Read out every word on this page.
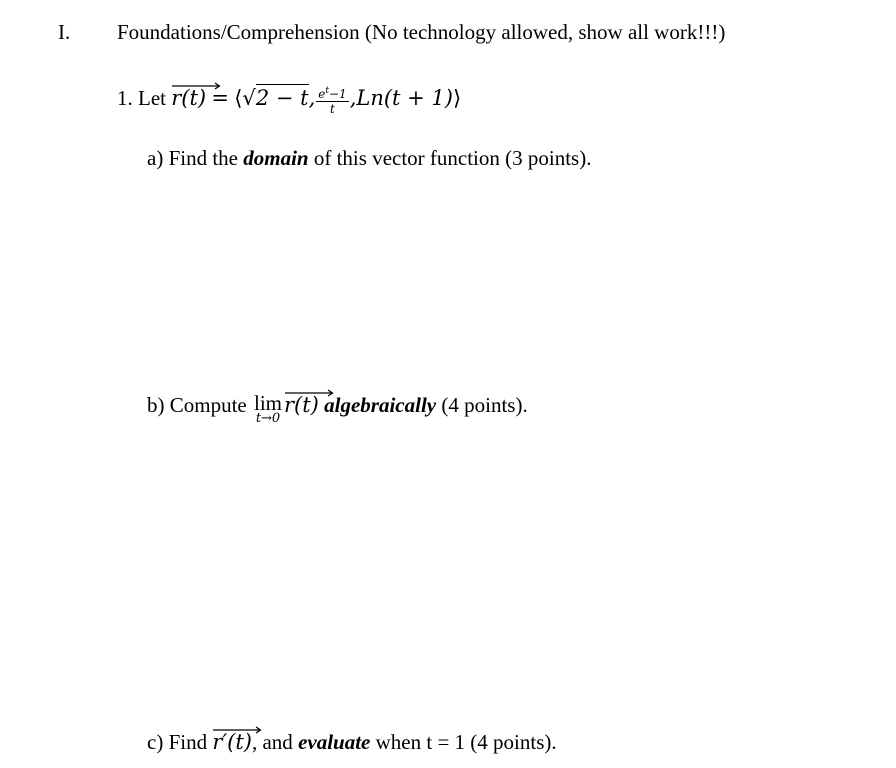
I. Foundations/Comprehension (No technology allowed, show all work!!!)
1. Let r(t) = ⟨√2 − t, $\frac{e^t-1}{t} ,Ln(t$ + 1)⟩
a) Find the domain of this vector function (3 points).
b) Compute lim
t→0
r(t) algebraically (4 points).
c) Find r′(t), and evaluate when t = 1 (4 points).
